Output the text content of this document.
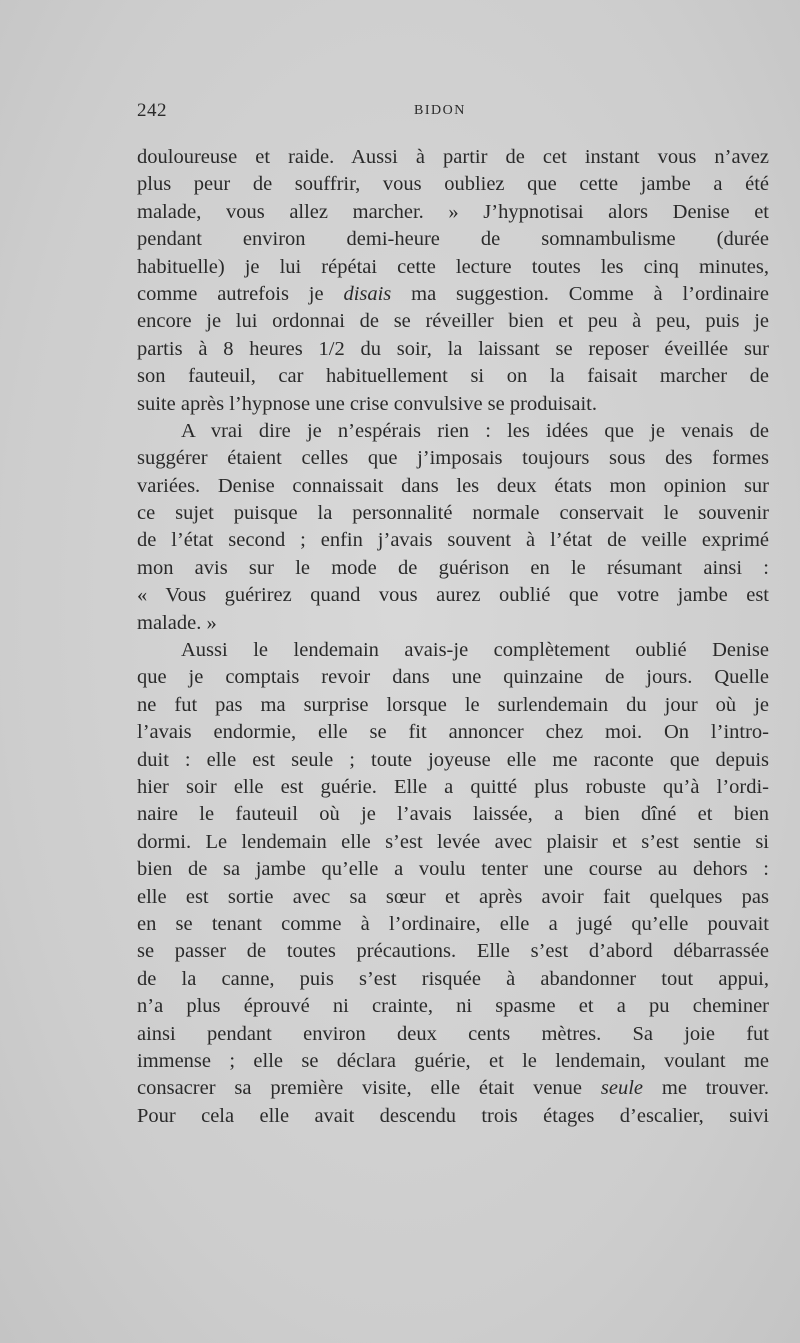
242	BIDON
douloureuse et raide. Aussi à partir de cet instant vous n’avez
plus peur de souffrir, vous oubliez que cette jambe a été
malade, vous allez marcher. » J’hypnotisai alors Denise et
pendant environ demi-heure de somnambulisme (durée
habituelle) je lui répétai cette lecture toutes les cinq minutes,
comme autrefois je disais ma suggestion. Comme à l’ordinaire
encore je lui ordonnai de se réveiller bien et peu à peu, puis je
partis à 8 heures 1/2 du soir, la laissant se reposer éveillée sur
son fauteuil, car habituellement si on la faisait marcher de
suite après l’hypnose une crise convulsive se produisait.
A vrai dire je n’espérais rien : les idées que je venais de
suggérer étaient celles que j’imposais toujours sous des formes
variées. Denise connaissait dans les deux états mon opinion sur
ce sujet puisque la personnalité normale conservait le souvenir
de l’état second ; enfin j’avais souvent à l’état de veille exprimé
mon avis sur le mode de guérison en le résumant ainsi :
« Vous guérirez quand vous aurez oublié que votre jambe est
malade. »
Aussi le lendemain avais-je complètement oublié Denise
que je comptais revoir dans une quinzaine de jours. Quelle
ne fut pas ma surprise lorsque le surlendemain du jour où je
l’avais endormie, elle se fit annoncer chez moi. On l’intro-
duit : elle est seule ; toute joyeuse elle me raconte que depuis
hier soir elle est guérie. Elle a quitté plus robuste qu’à l’ordi-
naire le fauteuil où je l’avais laissée, a bien dîné et bien
dormi. Le lendemain elle s’est levée avec plaisir et s’est sentie si
bien de sa jambe qu’elle a voulu tenter une course au dehors :
elle est sortie avec sa sœur et après avoir fait quelques pas
en se tenant comme à l’ordinaire, elle a jugé qu’elle pouvait
se passer de toutes précautions. Elle s’est d’abord débarrassée
de la canne, puis s’est risquée à abandonner tout appui,
n’a plus éprouvé ni crainte, ni spasme et a pu cheminer
ainsi pendant environ deux cents mètres. Sa joie fut
immense ; elle se déclara guérie, et le lendemain, voulant me
consacrer sa première visite, elle était venue seule me trouver.
Pour cela elle avait descendu trois étages d’escalier, suivi
